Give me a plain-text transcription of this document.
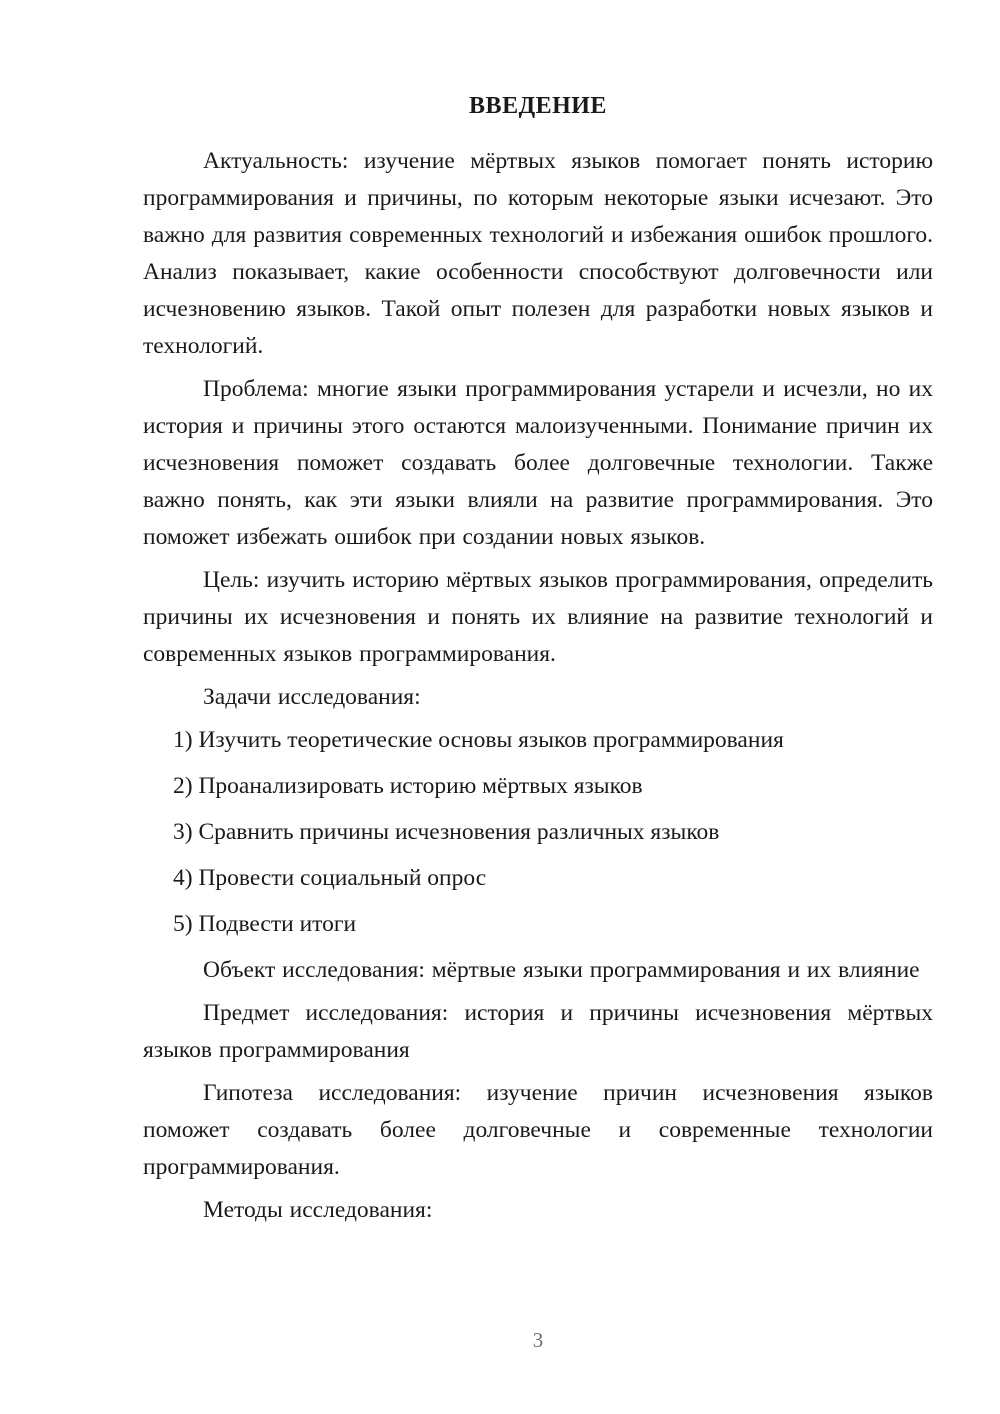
ВВЕДЕНИЕ

Актуальность: изучение мёртвых языков помогает понять историю программирования и причины, по которым некоторые языки исчезают. Это важно для развития современных технологий и избежания ошибок прошлого. Анализ показывает, какие особенности способствуют долговечности или исчезновению языков. Такой опыт полезен для разработки новых языков и технологий.

Проблема: многие языки программирования устарели и исчезли, но их история и причины этого остаются малоизученными. Понимание причин их исчезновения поможет создавать более долговечные технологии. Также важно понять, как эти языки влияли на развитие программирования. Это поможет избежать ошибок при создании новых языков.

Цель: изучить историю мёртвых языков программирования, определить причины их исчезновения и понять их влияние на развитие технологий и современных языков программирования.

Задачи исследования:

1) Изучить теоретические основы языков программирования
2) Проанализировать историю мёртвых языков
3) Сравнить причины исчезновения различных языков
4) Провести социальный опрос
5) Подвести итоги

Объект исследования: мёртвые языки программирования и их влияние

Предмет исследования: история и причины исчезновения мёртвых языков программирования

Гипотеза исследования: изучение причин исчезновения языков поможет создавать более долговечные и современные технологии программирования.

Методы исследования:

3
